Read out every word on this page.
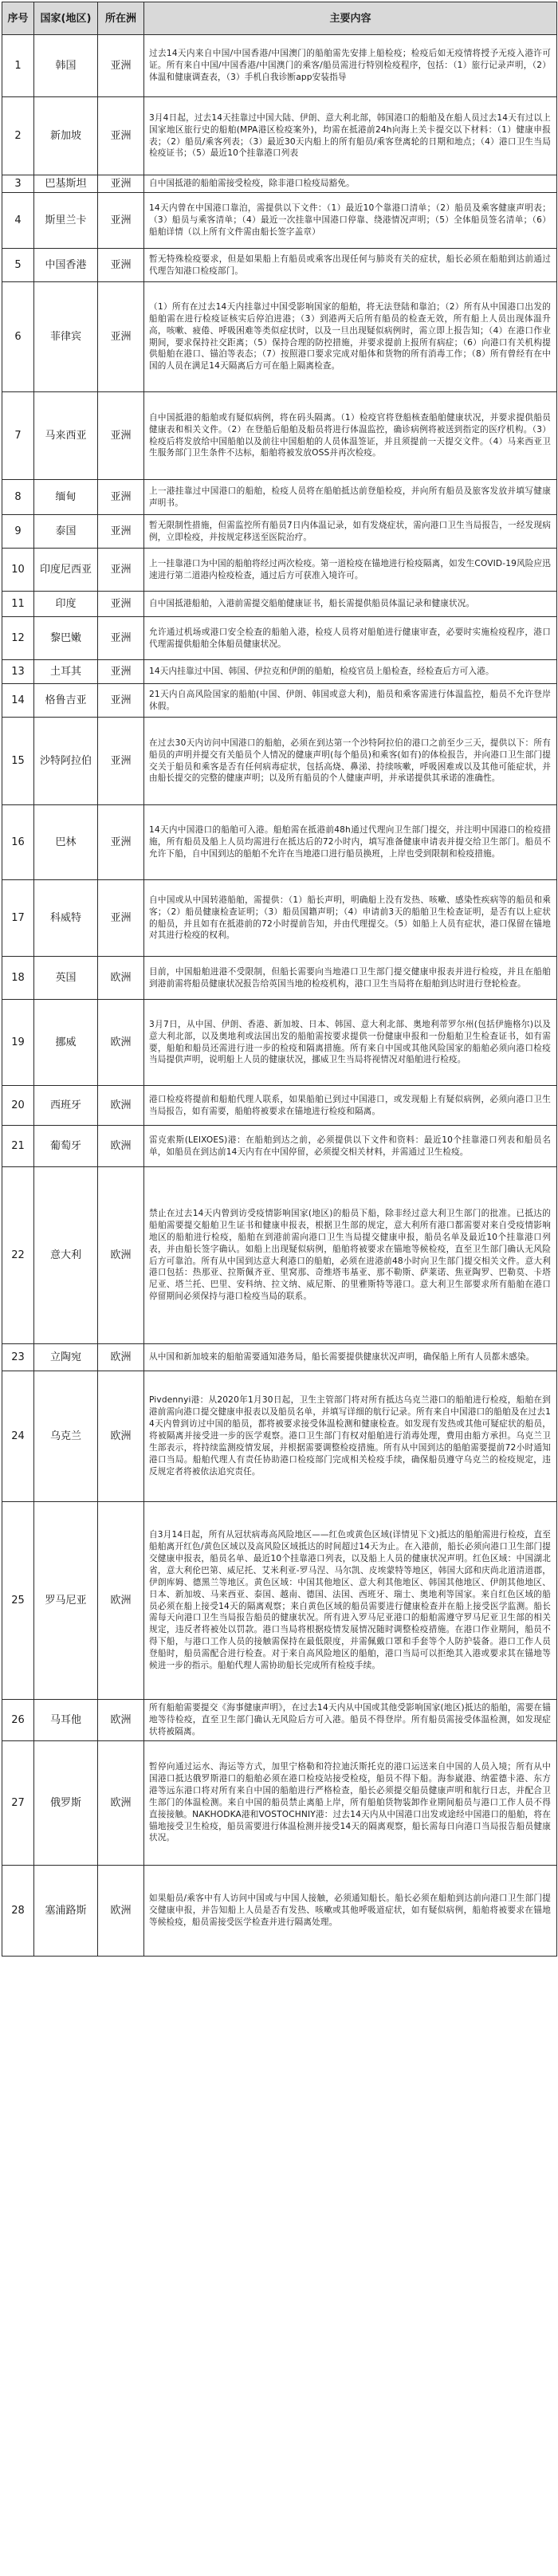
序号	国家(地区)	所在洲	主要内容
1	韩国	亚洲	过去14天内来自中国/中国香港/中国澳门的船舶需先安排上船检疫；检疫后如无疫情将授予无疫入港许可证。所有来自中国/中国香港/中国澳门的乘客/船员需进行特别检疫程序，包括：（1）旅行记录声明，（2）体温和健康调查表，（3）手机自我诊断app安装指导
2	新加坡	亚洲	3月4日起，过去14天挂靠过中国大陆、伊朗、意大利北部，韩国港口的船舶及在船人员过去14天有过以上国家地区旅行史的船舶(MPA港区检疫案外)，均需在抵港前24h向海上关卡提交以下材料：（1）健康申报表；（2）船员/乘客列表；（3）最近30天内船上的所有船员/乘客登离轮的日期和地点；（4）港口卫生当局检疫证书；（5）最近10个挂靠港口列表
3	巴基斯坦	亚洲	自中国抵港的船舶需接受检疫，除非港口检疫局豁免。
4	斯里兰卡	亚洲	14天内曾在中国港口靠泊，需提供以下文件：（1）最近10个靠港口清单；（2）船员及乘客健康声明表；（3）船员与乘客清单；（4）最近一次挂靠中国港口停靠、绕港情况声明；（5）全体船员签名清单；（6）船舶详情（以上所有文件需由船长签字盖章）
5	中国香港	亚洲	暂无特殊检疫要求，但是如果船上有船员或乘客出现任何与肺炎有关的症状，船长必须在船舶到达前通过代理告知港口检疫部门。
6	菲律宾	亚洲	（1）所有在过去14天内挂靠过中国受影响国家的船舶，将无法登陆和靠泊；（2）所有从中国港口出发的船舶需在进行检疫证核实后停泊进港；（3）到港两天后所有船员的检查无效，所有船上人员出现体温升高，咳嗽、疲倦、呼吸困难等类似症状时，以及一旦出现疑似病例时，需立即上报告知；（4）在港口作业期间，要求保持社交距离；（5）保持合理的防控措施，并要求提前上报所有病症；（6）向港口有关机构提供船舶在港口、锚泊等表态；（7）按照港口要求完成对船体和货物的所有消毒工作；（8）所有曾经有在中国的人员在满足14天隔离后方可在船上隔离检查。
7	马来西亚	亚洲	自中国抵港的船舶或有疑似病例，将在码头隔离。（1）检疫官将登船核查船舶健康状况，并要求提供船员健康表和相关文件。（2）在登船后船舶及船员将进行体温监控，确诊病例将被送到指定的医疗机构。（3）检疫后将发放给中国船舶以及前往中国船舶的人员体温签证，并且须提前一天提交文件。（4）马来西亚卫生服务部门卫生条件不达标，船舶将被发放OSS并再次检疫。
8	缅甸	亚洲	上一港挂靠过中国港口的船舶，检疫人员将在船舶抵达前登船检疫，并向所有船员及旅客发放并填写健康声明书。
9	泰国	亚洲	暂无限制性措施，但需监控所有船员7日内体温记录，如有发烧症状，需向港口卫生当局报告，一经发现病例，立即检疫，并按规定移送至医院治疗。
10	印度尼西亚	亚洲	上一挂靠港口为中国的船舶将经过两次检疫。第一道检疫在锚地进行检疫隔离，如发生COVID-19风险应迅速进行第二道港内检疫检查，通过后方可获准入境许可。
11	印度	亚洲	自中国抵港船舶，入港前需提交船舶健康证书，船长需提供船员体温记录和健康状况。
12	黎巴嫩	亚洲	允许通过机场或港口安全检查的船舶入港，检疫人员将对船舶进行健康审查，必要时实施检疫程序，港口代理需提供船舶全体船员健康状况。
13	土耳其	亚洲	14天内挂靠过中国、韩国、伊拉克和伊朗的船舶，检疫官员上船检查，经检查后方可入港。
14	格鲁吉亚	亚洲	21天内自高风险国家的船舶(中国、伊朗、韩国或意大利)，船员和乘客需进行体温监控，船员不允许登岸休假。
15	沙特阿拉伯	亚洲	在过去30天内访问中国港口的船舶，必须在到达第一个沙特阿拉伯的港口之前至少三天，提供以下：所有船员的声明并提交有关船员个人情况的健康声明(每个船员)和乘客(如有)的体检报告，并向港口卫生部门提交关于船员和乘客是否有任何病毒症状，包括高烧、鼻涕、持续咳嗽，呼吸困难或以及其他可能症状，并由船长提交的完整的健康声明；以及所有船员的个人健康声明，并承诺提供其承诺的准确性。
16	巴林	亚洲	14天内中国港口的船舶可入港。船舶需在抵港前48h通过代理向卫生部门提交，并注明中国港口的检疫措施，所有船员及船上人员均需进行在抵达后的72小时内，填写准备健康申请表并提交给卫生部门。船员不允许下船，自中国到达的船舶不允许在当地港口进行船员换班，上岸也受到限制和检疫措施。
17	科威特	亚洲	自中国或从中国转港船舶，需提供：（1）船长声明，明确船上没有发热、咳嗽、感染性疾病等的船员和乘客；（2）船员健康检查证明；（3）船员国籍声明；（4）申请前3天的船舶卫生检查证明，是否有以上症状的船员，并且如有在抵港前的72小时提前告知，并由代理提交。（5）如船上人员有症状，港口保留在锚地对其进行检疫的权利。
18	英国	欧洲	目前，中国船舶进港不受限制，但船长需要向当地港口卫生部门提交健康申报表并进行检疫，并且在船舶到港前需将船员健康状况报告给英国当地的检疫机构，港口卫生当局将在船舶到达时进行登轮检查。
19	挪威	欧洲	3月7日，从中国、伊朗、香港、新加坡、日本、韩国、意大利北部、奥地利蒂罗尔州(包括伊施格尔)以及意大利北部，以及奥地利或法国出发的船舶需按要求提供一份健康申报和一份船舶卫生检查证书，如有需要，船舶和船员还需进行进一步的检疫和隔离措施。所有来自中国或其他风险国家的船舶必须向港口检疫当局提供声明，说明船上人员的健康状况，挪威卫生当局将视情况对船舶进行检疫。
20	西班牙	欧洲	港口检疫将提前和船舶代理人联系，如果船舶已到过中国港口，或发现船上有疑似病例，必须向港口卫生当局报告，如有需要，船舶将被要求在锚地进行检疫和隔离。
21	葡萄牙	欧洲	雷克索斯(LEIXOES)港：在船舶到达之前，必须提供以下文件和资料：最近10个挂靠港口列表和船员名单，如船员在到达前14天内有在中国停留，必须提交相关材料，并需通过卫生检疫。
22	意大利	欧洲	禁止在过去14天内曾到访受疫情影响国家(地区)的船员下船，除非经过意大利卫生部门的批准。已抵达的船舶需要提交船舶卫生证书和健康申报表，根据卫生部的规定，意大利所有港口都需要对来自受疫情影响地区的船舶进行检疫，船舶在到港前需向港口卫生当局提交健康申报，船员名单及最近10个挂靠港口列表，并由船长签字确认。如船上出现疑似病例，船舶将被要求在锚地等候检疫，直至卫生部门确认无风险后方可靠泊。所有从中国到达意大利港口的船舶，必须在进港前48小时向卫生部门提交相关文件。意大利港口包括：热那亚、拉斯佩齐亚、里窝那、奇维塔韦基亚、那不勒斯、萨莱诺、焦亚陶罗、巴勒莫、卡塔尼亚、塔兰托、巴里、安科纳、拉文纳、威尼斯、的里雅斯特等港口。意大利卫生部要求所有船舶在港口停留期间必须保持与港口检疫当局的联系。
23	立陶宛	欧洲	从中国和新加坡来的船舶需要通知港务局，船长需要提供健康状况声明，确保船上所有人员都未感染。
24	乌克兰	欧洲	Pivdennyi港：从2020年1月30日起，卫生主管部门将对所有抵达乌克兰港口的船舶进行检疫，船舶在到港前需向港口提交健康申报表以及船员名单，并填写详细的航行记录。所有来自中国港口的船舶及在过去14天内曾到访过中国的船员，都将被要求接受体温检测和健康检查。如发现有发热或其他可疑症状的船员，将被隔离并接受进一步的医学观察。港口卫生部门有权对船舶进行消毒处理，费用由船方承担。乌克兰卫生部表示，将持续监测疫情发展，并根据需要调整检疫措施。所有从中国到达的船舶需要提前72小时通知港口当局。船舶代理人有责任协助港口检疫部门完成相关检疫手续，确保船员遵守乌克兰的检疫规定，违反规定者将被依法追究责任。
25	罗马尼亚	欧洲	自3月14日起，所有从冠状病毒高风险地区——红色或黄色区域(详情见下文)抵达的船舶需进行检疫，直至船舶离开红色/黄色区域以及高风险区域抵达的时间超过14天为止。在入港前，船长必须向港口卫生部门提交健康申报表，船员名单、最近10个挂靠港口列表，以及船上人员的健康状况声明。红色区域：中国湖北省，意大利伦巴第、威尼托、艾米利亚-罗马涅、马尔凯、皮埃蒙特等地区，韩国大邱和庆尚北道清道郡，伊朗库姆、德黑兰等地区。黄色区域：中国其他地区、意大利其他地区、韩国其他地区、伊朗其他地区、日本、新加坡、马来西亚、泰国、越南、德国、法国、西班牙、瑞士、奥地利等国家。来自红色区域的船员必须在船上接受14天的隔离观察；来自黄色区域的船员需要进行健康检查并在船上接受医学监测。船长需每天向港口卫生当局报告船员的健康状况。所有进入罗马尼亚港口的船舶需遵守罗马尼亚卫生部的相关规定，违反者将被处以罚款。港口当局将根据疫情发展情况随时调整检疫措施。在港口作业期间，船员不得下船，与港口工作人员的接触需保持在最低限度，并需佩戴口罩和手套等个人防护装备。港口工作人员登船时，船员需配合进行检查。对于来自高风险地区的船舶，港口当局可以拒绝其入港或要求其在锚地等候进一步的指示。船舶代理人需协助船长完成所有检疫手续。
26	马耳他	欧洲	所有船舶需要提交《海事健康声明》，在过去14天内从中国或其他受影响国家(地区)抵达的船舶，需要在锚地等待检疫，直至卫生部门确认无风险后方可入港。船员不得登岸。所有船员需接受体温检测，如发现症状将被隔离。
27	俄罗斯	欧洲	暂停向通过运水、海运等方式，加里宁格勒和符拉迪沃斯托克的港口运送来自中国的人员入境；所有从中国港口抵达俄罗斯港口的船舶必须在港口检疫站接受检疫，船员不得下船。海参崴港、纳霍德卡港、东方港等远东港口将对所有来自中国的船舶进行严格检查，船长必须提交船员健康声明和航行日志，并配合卫生部门的体温检测。来自中国的船员禁止离船上岸，所有船舶货物装卸作业期间船员与港口工作人员不得直接接触。NAKHODKA港和VOSTOCHNIY港：过去14天内从中国港口出发或途经中国港口的船舶，将在锚地接受卫生检疫，船员需要进行体温检测并接受14天的隔离观察，船长需每日向港口当局报告船员健康状况。
28	塞浦路斯	欧洲	如果船员/乘客中有人访问中国或与中国人接触，必须通知船长。船长必须在船舶到达前向港口卫生部门提交健康申报，并告知船上人员是否有发热、咳嗽或其他呼吸道症状，如有疑似病例，船舶将被要求在锚地等候检疫，船员需接受医学检查并进行隔离处理。
